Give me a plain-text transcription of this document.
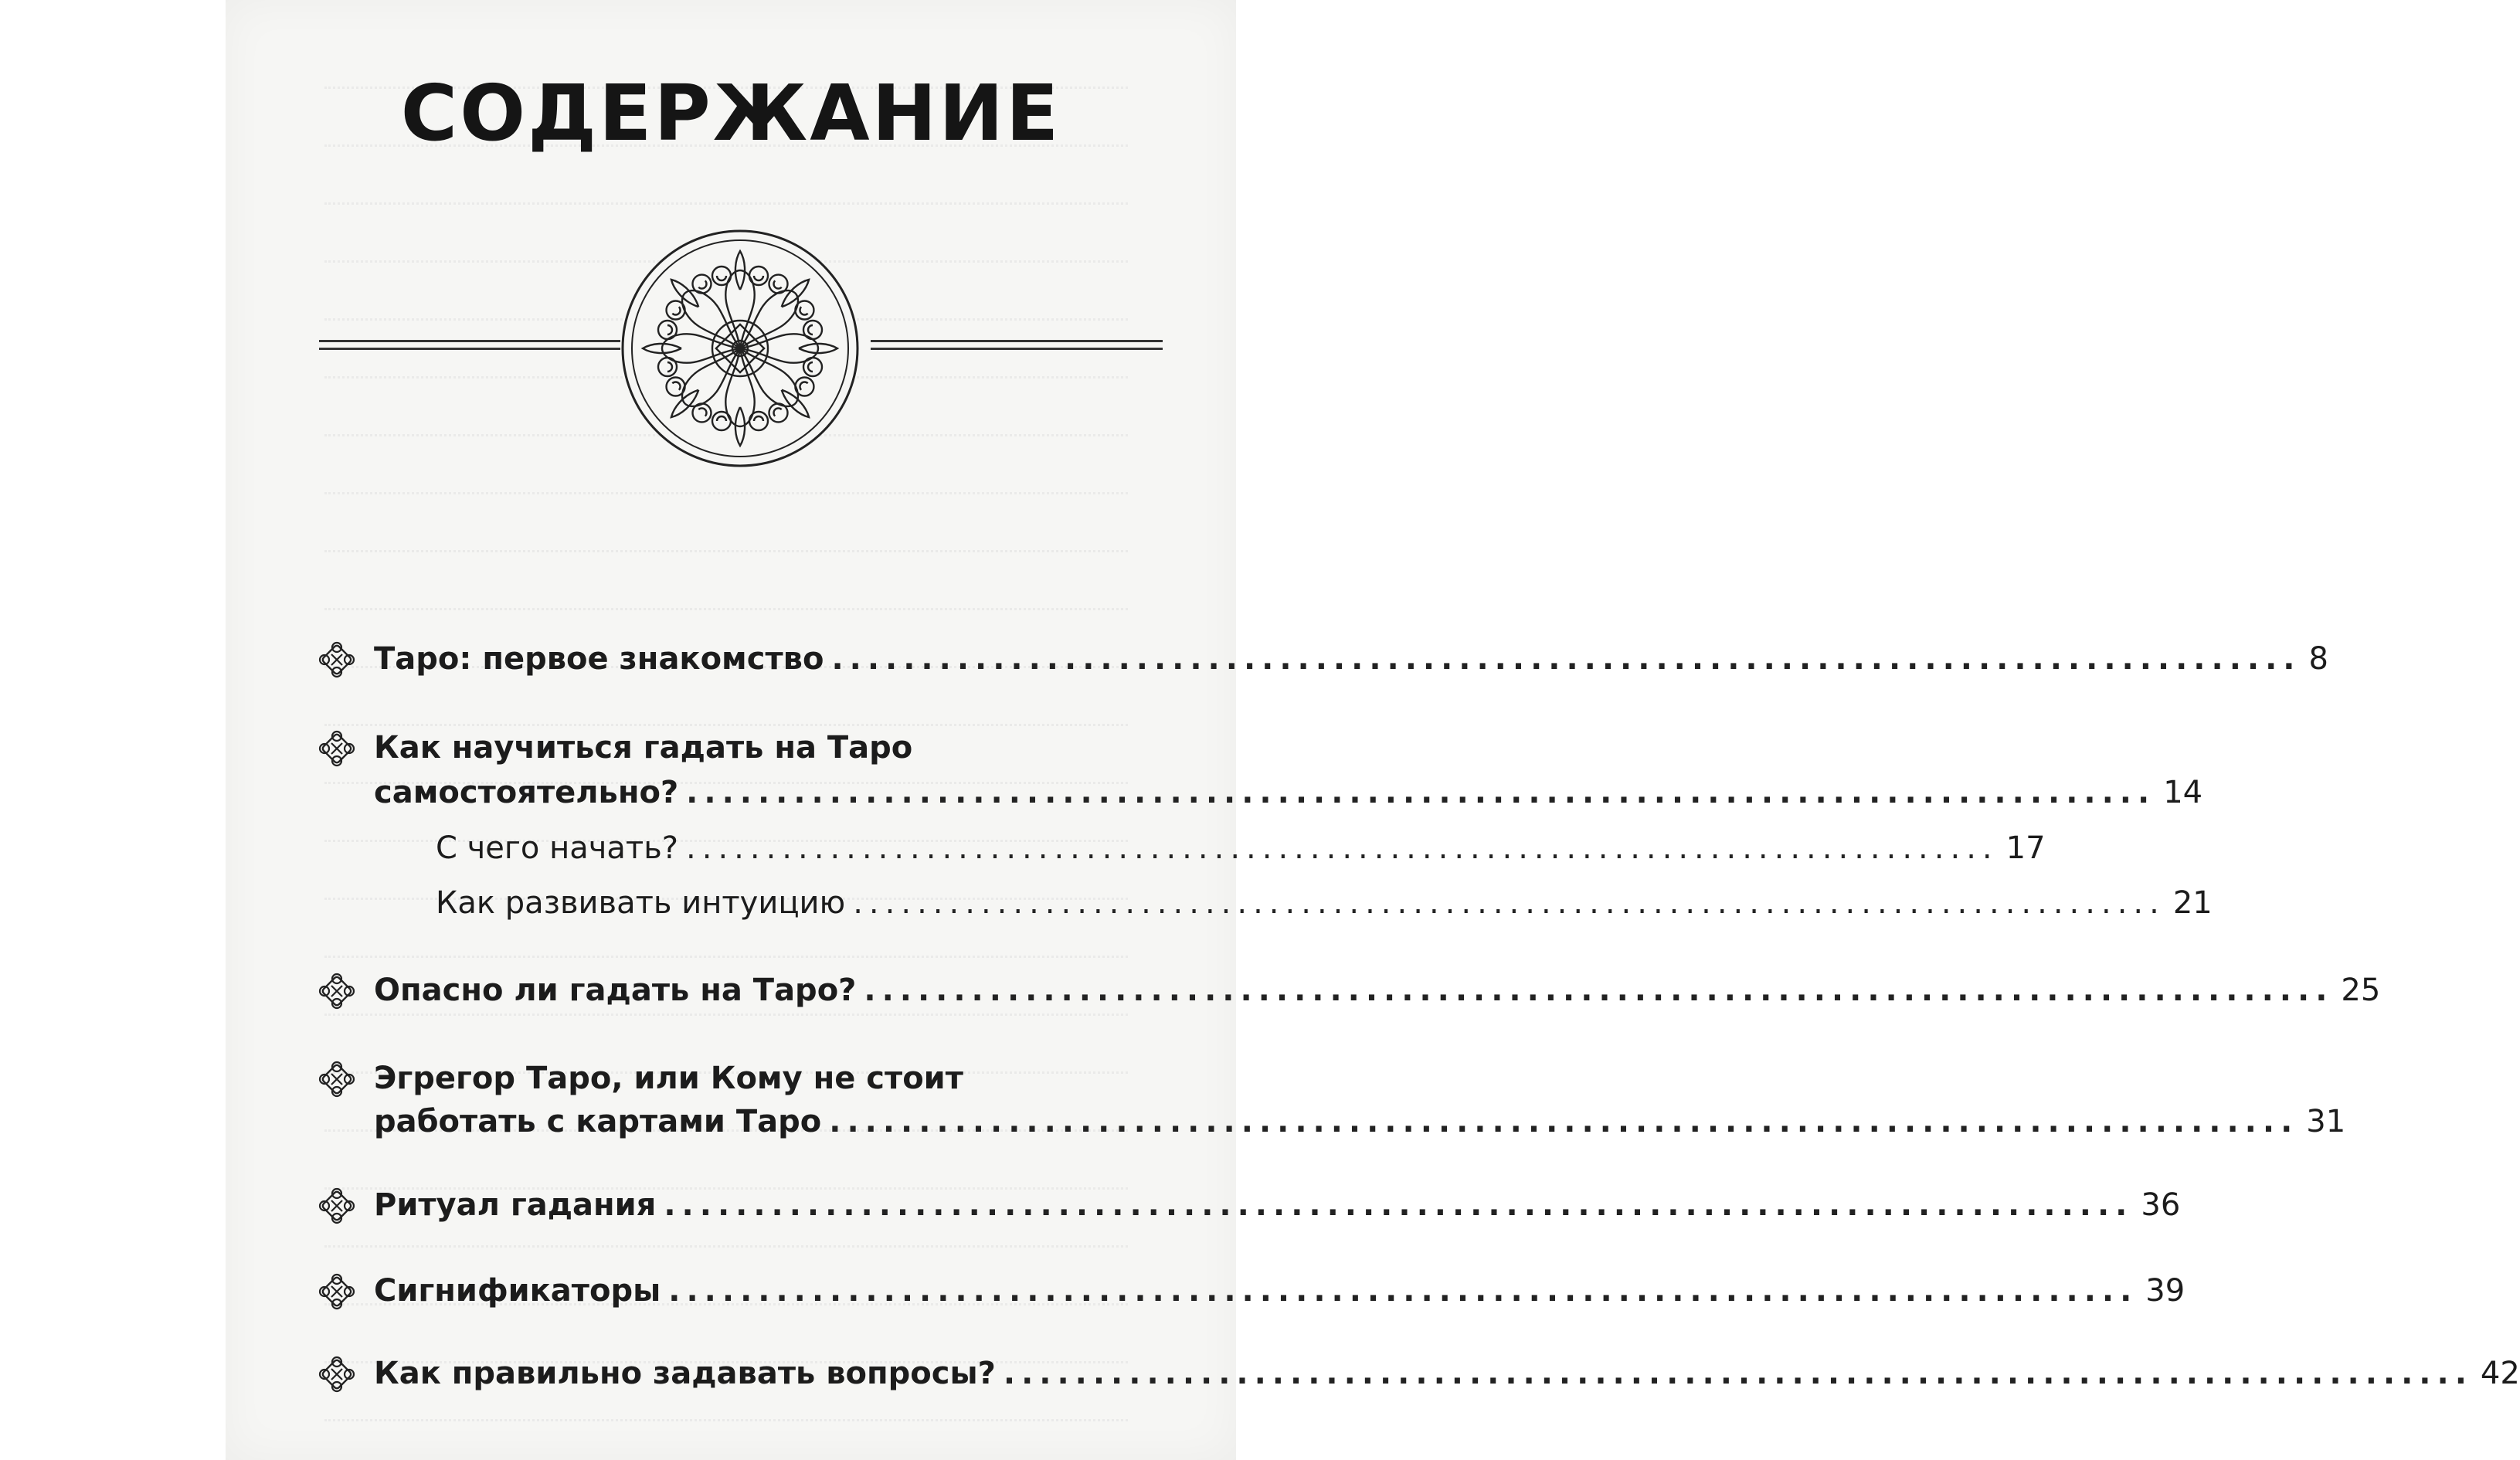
СОДЕРЖАНИЕ
Таро: первое знакомство .................................................................................. 8
Как научиться гадать на Таро
самостоятельно? .................................................................................. 14
С чего начать? .................................................................................. 17
Как развивать интуицию .................................................................................. 21
Опасно ли гадать на Таро? .................................................................................. 25
Эгрегор Таро, или Кому не стоит
работать с картами Таро .................................................................................. 31
Ритуал гадания .................................................................................. 36
Сигнификаторы .................................................................................. 39
Как правильно задавать вопросы? .................................................................................. 42
